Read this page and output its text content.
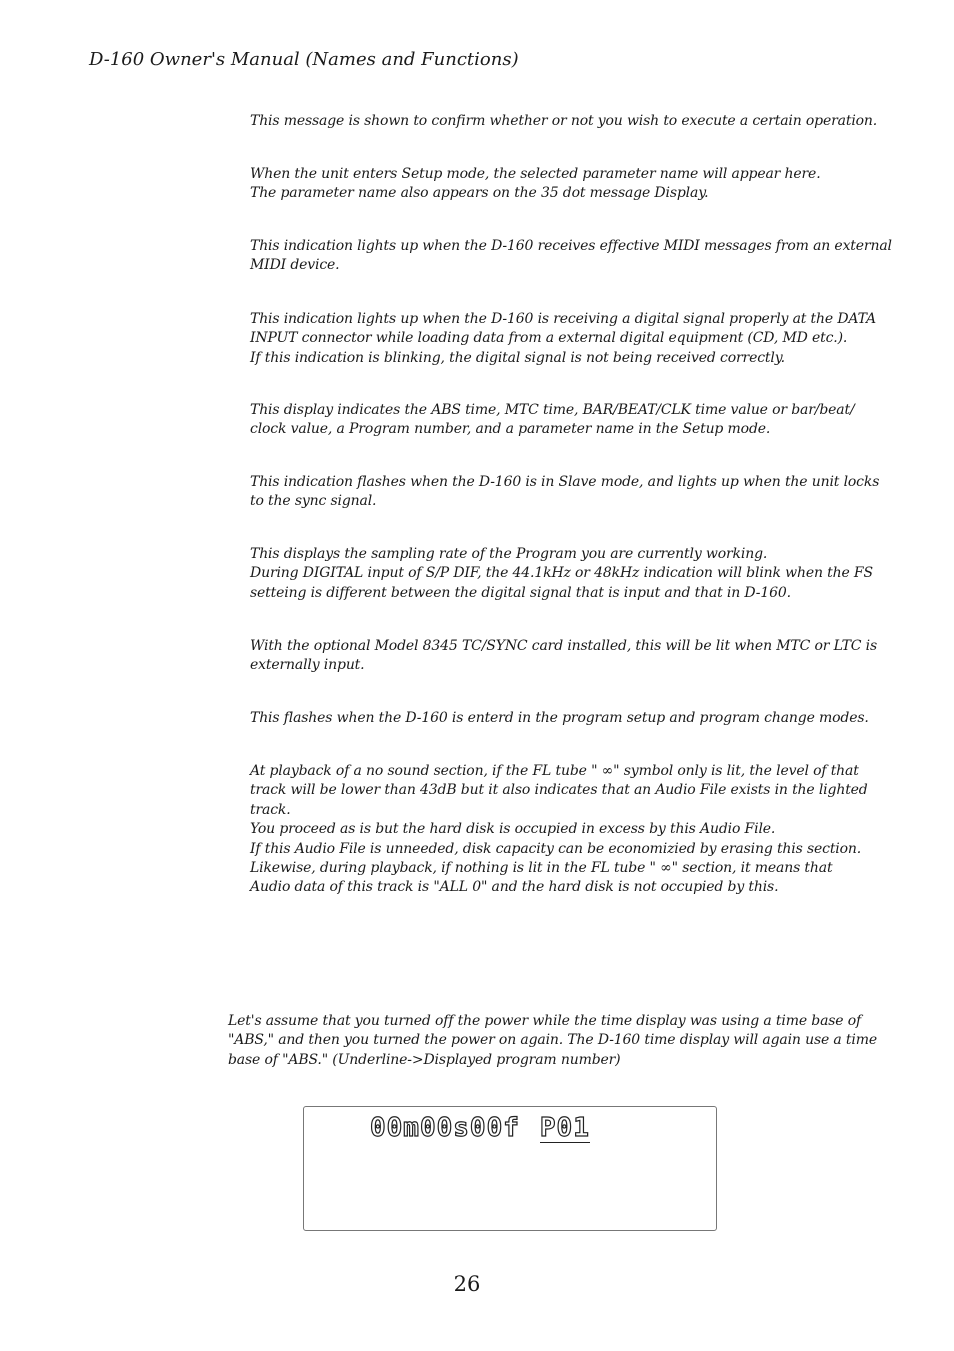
D-160 Owner's Manual (Names and Functions)
This message is shown to confirm whether or not you wish to execute a certain operation.
When the unit enters Setup mode, the selected parameter name will appear here.
The parameter name also appears on the 35 dot message Display.
This indication lights up when the D-160 receives effective MIDI messages from an external
MIDI device.
This indication lights up when the D-160 is receiving a digital signal properly at the DATA
INPUT connector while loading data from a external digital equipment (CD, MD etc.).
If this indication is blinking, the digital signal is not being received correctly.
This display indicates the ABS time, MTC time, BAR/BEAT/CLK time value or bar/beat/
clock value, a Program number, and a parameter name in the Setup mode.
This indication flashes when the D-160 is in Slave mode, and lights up when the unit locks
to the sync signal.
This displays the sampling rate of the Program you are currently working.
During DIGITAL input of S/P DIF, the 44.1kHz or 48kHz indication will blink when the FS
setteing is different between the digital signal that is input and that in D-160.
With the optional Model 8345 TC/SYNC card installed, this will be lit when MTC or LTC is
externally input.
This flashes when the D-160 is enterd in the program setup and program change modes.
At playback of a no sound section, if the FL tube " ∞" symbol only is lit, the level of that
track will be lower than 43dB but it also indicates that an Audio File exists in the lighted
track.
You proceed as is but the hard disk is occupied in excess by this Audio File.
If this Audio File is unneeded, disk capacity can be economizied by erasing this section.
Likewise, during playback, if nothing is lit in the FL tube " ∞" section, it means that
Audio data of this track is "ALL 0" and the hard disk is not occupied by this.
Let's assume that you turned off the power while the time display was using a time base of
"ABS," and then you turned the power on again. The D-160 time display will again use a time
base of "ABS." (Underline->Displayed program number)
00m00s00f P01
26
